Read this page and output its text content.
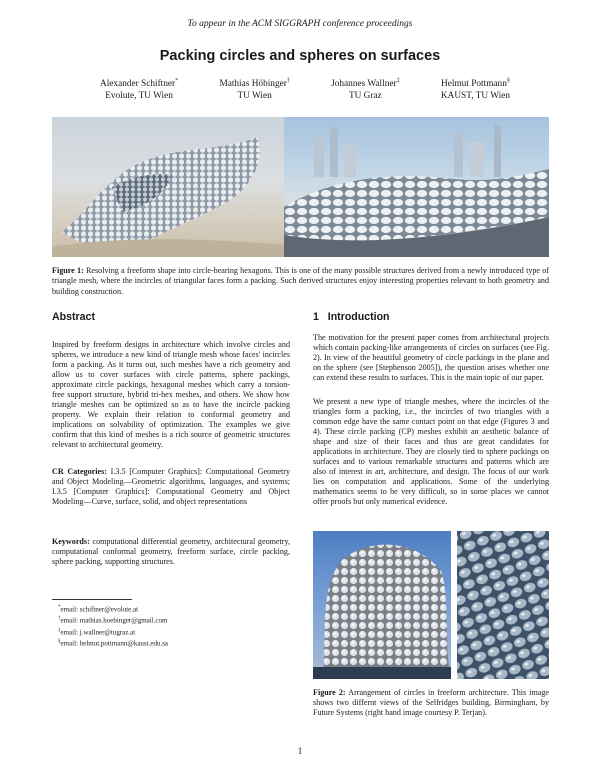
To appear in the ACM SIGGRAPH conference proceedings
Packing circles and spheres on surfaces
Alexander Schiftner*
Evolute, TU Wien
Mathias Höbinger†
TU Wien
Johannes Wallner‡
TU Graz
Helmut Pottmann§
KAUST, TU Wien
Figure 1: Resolving a freeform shape into circle-bearing hexagons. This is one of the many possible structures derived from a newly introduced type of triangle mesh, where the incircles of triangular faces form a packing. Such derived structures enjoy interesting properties relevant to both geometry and building construction.
Abstract
Inspired by freeform designs in architecture which involve circles and spheres, we introduce a new kind of triangle mesh whose faces' incircles form a packing. As it turns out, such meshes have a rich geometry and allow us to cover surfaces with circle patterns, sphere packings, approximate circle packings, hexagonal meshes which carry a torsion-free support structure, hybrid tri-hex meshes, and others. We show how triangle meshes can be optimized so as to have the incircle packing property. We explain their relation to conformal geometry and implications on solvability of optimization. The examples we give confirm that this kind of meshes is a rich source of geometric structures relevant to architectural geometry.
CR Categories: I.3.5 [Computer Graphics]: Computational Geometry and Object Modeling—Geometric algorithms, languages, and systems; I.3.5 [Computer Graphics]: Computational Geometry and Object Modeling—Curve, surface, solid, and object representations
Keywords: computational differential geometry, architectural geometry, computational conformal geometry, freeform surface, circle packing, sphere packing, supporting structures.
*email: schiftner@evolute.at
†email: mathias.hoebinger@gmail.com
‡email: j.wallner@tugraz.at
§email: helmut.pottmann@kaust.edu.sa
1 Introduction
The motivation for the present paper comes from architectural projects which contain packing-like arrangements of circles on surfaces (see Fig. 2). In view of the beautiful geometry of circle packings in the plane and on the sphere (see [Stephenson 2005]), the question arises whether one can extend these results to surfaces. This is the main topic of our paper.
We present a new type of triangle meshes, where the incircles of the triangles form a packing, i.e., the incircles of two triangles with a common edge have the same contact point on that edge (Figures 3 and 4). These circle packing (CP) meshes exhibit an aesthetic balance of shape and size of their faces and thus are great candidates for applications in architecture. They are closely tied to sphere packings on surfaces and to various remarkable structures and patterns which are also of interest in art, architecture, and design. The focus of our work lies on computation and applications. Some of the underlying mathematics seems to be very difficult, so in some places we cannot offer proofs but only numerical evidence.
Figure 2: Arrangement of circles in freeform architecture. This image shows two differnt views of the Selfridges building, Birmingham, by Future Systems (right hand image courtesy P. Terjan).
1
